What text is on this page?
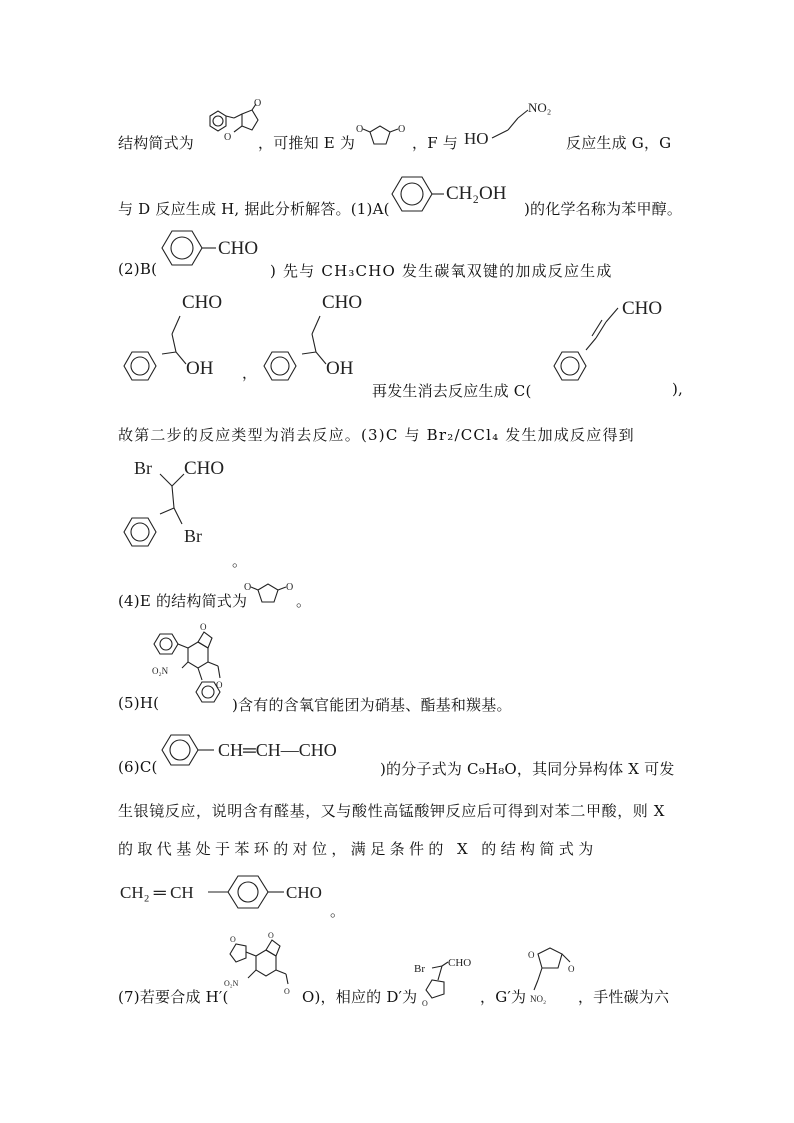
结构简式为
O
O ，可推知 E 为
O	O
，F 与 HO
NO₂
反应生成 G，G
与 D 反应生成 H, 据此分析解答。(1)A(
CH₂OH
)的化学名称为苯甲醇。
(2)B(
CHO
) 先与 CH₃CHO 发生碳氧双键的加成反应生成
CHO
OH ，
CHO
OH
再发生消去反应生成 C(
CHO
),
故第二步的反应类型为消去反应。(3)C 与 Br₂/CCl₄ 发生加成反应得到
Br CHO
Br
。
(4)E 的结构简式为
O	O
。
(5)H(
O
O
O₂N
)含有的含氧官能团为硝基、酯基和羰基。
(6)C(
CH═CH—CHO
)的分子式为 C₉H₈O，其同分异构体 X 可发
生银镜反应，说明含有醛基，又与酸性高锰酸钾反应后可得到对苯二甲酸，则 X
的取代基处于苯环的对位，满足条件的 X 的结构简式为
CH₂ ═ CH	CHO
。
(7)若要合成 H′(
O	O
O
O₂N
O)，相应的 D′为
Br CHO
O	，G′为
O
O
NO₂ ，手性碳为六
